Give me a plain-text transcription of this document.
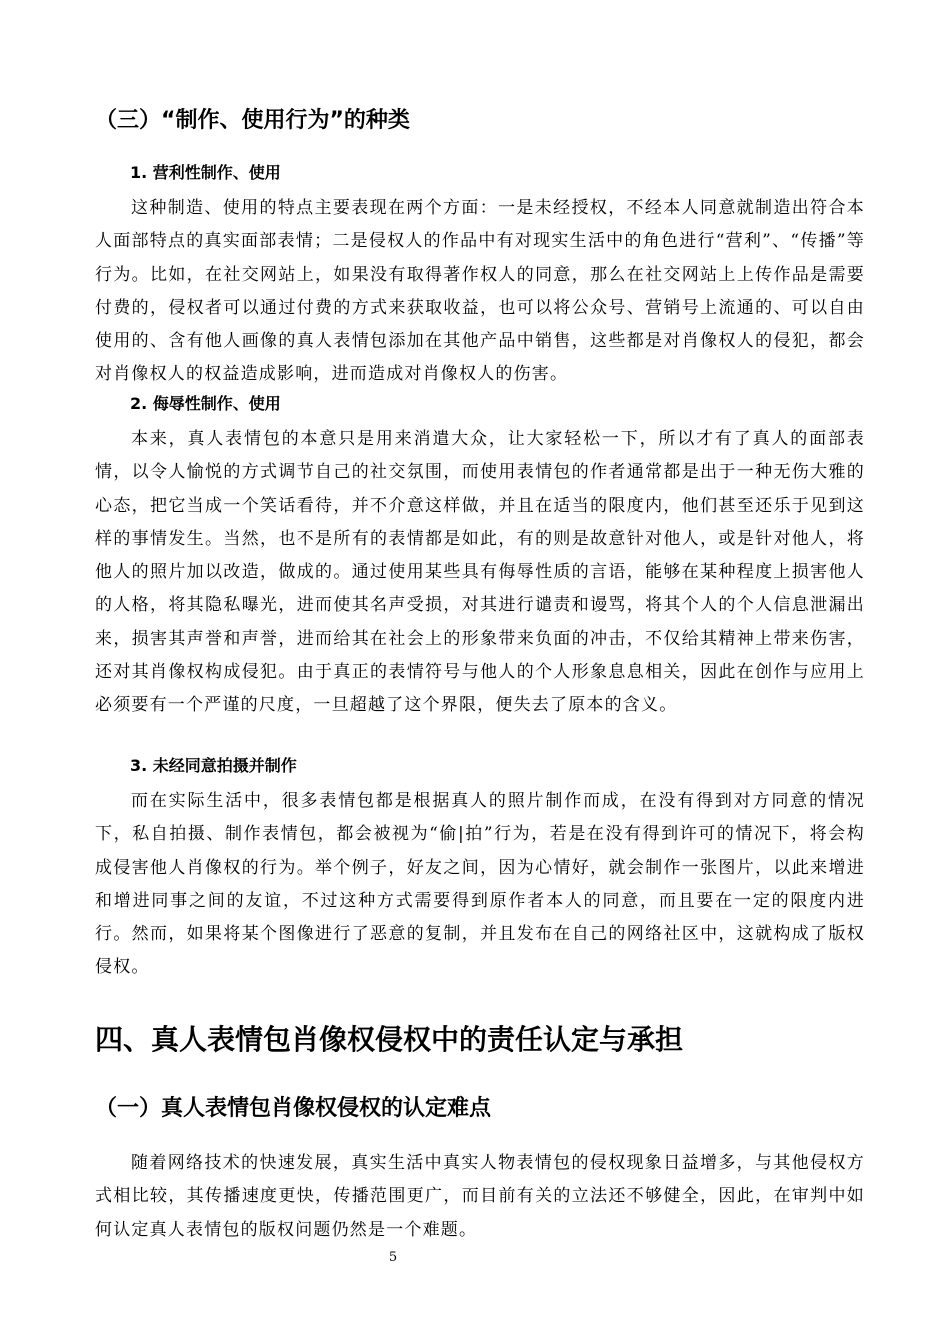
（三）“制作、使用行为”的种类
1. 营利性制作、使用

这种制造、使用的特点主要表现在两个方面：一是未经授权，不经本人同意就制造出符合本人面部特点的真实面部表情；二是侵权人的作品中有对现实生活中的角色进行“营利”、“传播”等行为。比如，在社交网站上，如果没有取得著作权人的同意，那么在社交网站上上传作品是需要付费的，侵权者可以通过付费的方式来获取收益，也可以将公众号、营销号上流通的、可以自由使用的、含有他人画像的真人表情包添加在其他产品中销售，这些都是对肖像权人的侵犯，都会对肖像权人的权益造成影响，进而造成对肖像权人的伤害。

2. 侮辱性制作、使用

本来，真人表情包的本意只是用来消遣大众，让大家轻松一下，所以才有了真人的面部表情，以令人愉悦的方式调节自己的社交氛围，而使用表情包的作者通常都是出于一种无伤大雅的心态，把它当成一个笑话看待，并不介意这样做，并且在适当的限度内，他们甚至还乐于见到这样的事情发生。当然，也不是所有的表情都是如此，有的则是故意针对他人，或是针对他人，将他人的照片加以改造，做成的。通过使用某些具有侮辱性质的言语，能够在某种程度上损害他人的人格，将其隐私曝光，进而使其名声受损，对其进行谴责和谩骂，将其个人的个人信息泄漏出来，损害其声誉和声誉，进而给其在社会上的形象带来负面的冲击，不仅给其精神上带来伤害，还对其肖像权构成侵犯。由于真正的表情符号与他人的个人形象息息相关，因此在创作与应用上必须要有一个严谨的尺度，一旦超越了这个界限，便失去了原本的含义。

3. 未经同意拍摄并制作

而在实际生活中，很多表情包都是根据真人的照片制作而成，在没有得到对方同意的情况下，私自拍摄、制作表情包，都会被视为“偷|拍”行为，若是在没有得到许可的情况下，将会构成侵害他人肖像权的行为。举个例子，好友之间，因为心情好，就会制作一张图片，以此来增进和增进同事之间的友谊，不过这种方式需要得到原作者本人的同意，而且要在一定的限度内进行。然而，如果将某个图像进行了恶意的复制，并且发布在自己的网络社区中，这就构成了版权侵权。

四、真人表情包肖像权侵权中的责任认定与承担
（一）真人表情包肖像权侵权的认定难点

随着网络技术的快速发展，真实生活中真实人物表情包的侵权现象日益增多，与其他侵权方式相比较，其传播速度更快，传播范围更广，而目前有关的立法还不够健全，因此，在审判中如何认定真人表情包的版权问题仍然是一个难题。

5
